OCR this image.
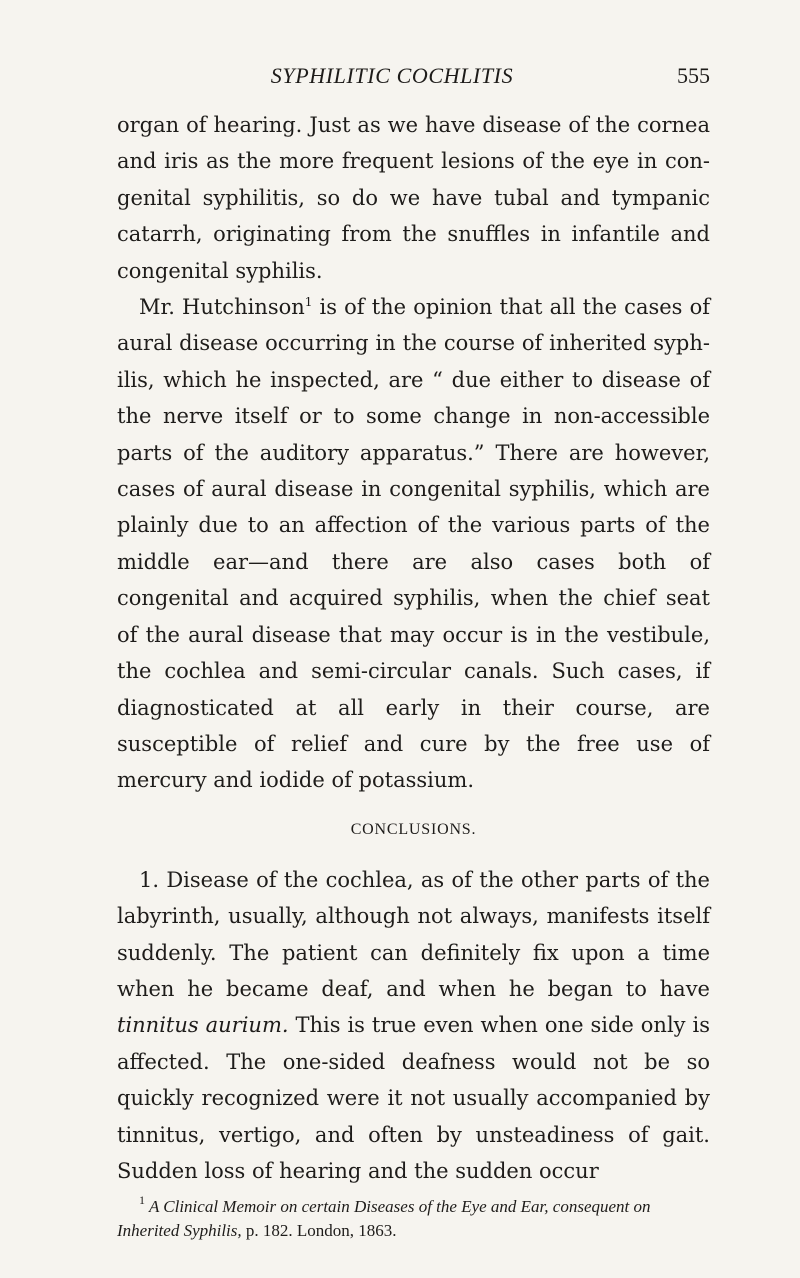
SYPHILITIC COCHLITIS	555

organ of hearing. Just as we have disease of the cornea and iris as the more frequent lesions of the eye in congenital syphilitis, so do we have tubal and tympanic catarrh, originating from the snuffles in infantile and congenital syphilis.

Mr. Hutchinson$^1$ is of the opinion that all the cases of aural disease occurring in the course of inherited syphilis, which he inspected, are “ due either to disease of the nerve itself or to some change in non-accessible parts of the auditory apparatus.” There are however, cases of aural disease in congenital syphilis, which are plainly due to an affection of the various parts of the middle ear—and there are also cases both of congenital and acquired syphilis, when the chief seat of the aural disease that may occur is in the vestibule, the cochlea and semi-circular canals. Such cases, if diagnosticated at all early in their course, are susceptible of relief and cure by the free use of mercury and iodide of potassium.

CONCLUSIONS.

1. Disease of the cochlea, as of the other parts of the labyrinth, usually, although not always, manifests itself suddenly. The patient can definitely fix upon a time when he became deaf, and when he began to have tinnitus aurium. This is true even when one side only is affected. The one-sided deafness would not be so quickly recognized were it not usually accompanied by tinnitus, vertigo, and often by unsteadiness of gait. Sudden loss of hearing and the sudden occur

$^1$ A Clinical Memoir on certain Diseases of the Eye and Ear, consequent on Inherited Syphilis, p. 182. London, 1863.
